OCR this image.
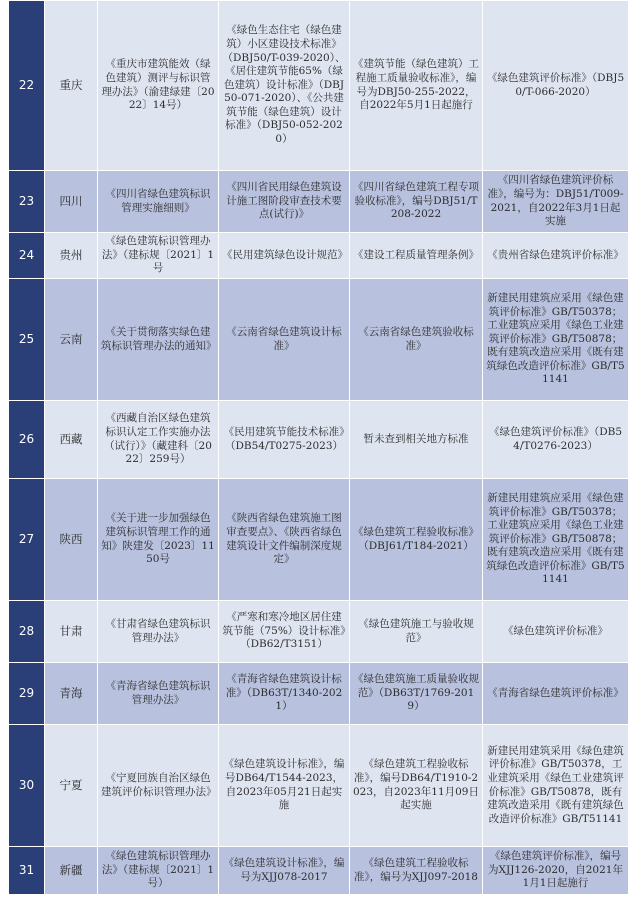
22	重庆	《重庆市建筑能效（绿色建筑）测评与标识管理办法》（渝建绿建〔2022〕14号）	《绿色生态住宅（绿色建筑）小区建设技术标准》（DBJ50/T-039-2020）、《居住建筑节能65%（绿色建筑）设计标准》（DBJ50-071-2020）、《公共建筑节能（绿色建筑）设计标准》（DBJ50-052-2020）	《建筑节能（绿色建筑）工程施工质量验收标准》，编号为DBJ50-255-2022，自2022年5月1日起施行	《绿色建筑评价标准》（DBJ50/T-066-2020）
23	四川	《四川省绿色建筑标识管理实施细则》	《四川省民用绿色建筑设计施工图阶段审查技术要点(试行)》	《四川省绿色建筑工程专项验收标准》，编号DBJ51/T208-2022	《四川省绿色建筑评价标准》，编号为：DBJ51/T009-2021，自2022年3月1日起实施
24	贵州	《绿色建筑标识管理办法》（建标规〔2021〕1号	《民用建筑绿色设计规范》	《建设工程质量管理条例》	《贵州省绿色建筑评价标准》
25	云南	《关于贯彻落实绿色建筑标识管理办法的通知》	《云南省绿色建筑设计标准》	《云南省绿色建筑验收标准》	新建民用建筑应采用《绿色建筑评价标准》GB/T50378；工业建筑应采用《绿色工业建筑评价标准》GB/T50878；既有建筑改造应采用《既有建筑绿色改造评价标准》GB/T51141
26	西藏	《西藏自治区绿色建筑标识认定工作实施办法（试行）》（藏建科〔2022〕259号）	《民用建筑节能技术标准》（DB54/T0275-2023）	暂未查到相关地方标准	《绿色建筑评价标准》（DB54/T0276-2023）
27	陕西	《关于进一步加强绿色建筑标识管理工作的通知》陕建发〔2023〕1150号	《陕西省绿色建筑施工图审查要点》、《陕西省绿色建筑设计文件编制深度规定》	《绿色建筑工程验收标准》（DBJ61/T184-2021）	新建民用建筑应采用《绿色建筑评价标准》GB/T50378；工业建筑应采用《绿色工业建筑评价标准》GB/T50878；既有建筑改造应采用《既有建筑绿色改造评价标准》GB/T51141
28	甘肃	《甘肃省绿色建筑标识管理办法》	《严寒和寒冷地区居住建筑节能（75%）设计标准》（DB62/T3151）	《绿色建筑施工与验收规范》	《绿色建筑评价标准》
29	青海	《青海省绿色建筑标识管理办法》	《青海省绿色建筑设计标准》（DB63T/1340-2021）	《绿色建筑施工质量验收规范》（DB63T/1769-2019）	《青海省绿色建筑评价标准》
30	宁夏	《宁夏回族自治区绿色建筑评价标识管理办法》	《绿色建筑设计标准》，编号DB64/T1544-2023，自2023年05月21日起实施	《绿色建筑工程验收标准》，编号DB64/T1910-2023，自2023年11月09日起实施	新建民用建筑采用《绿色建筑评价标准》GB/T50378，工业建筑采用《绿色工业建筑评价标准》GB/T50878，既有建筑改造采用《既有建筑绿色改造评价标准》GB/T51141
31	新疆	《绿色建筑标识管理办法》（建标规〔2021〕1号）	《绿色建筑设计标准》，编号为XJJ078-2017	《绿色建筑工程验收标准》，编号为XJJ097-2018	《绿色建筑评价标准》，编号为XJJ126-2020，自2021年1月1日起施行
